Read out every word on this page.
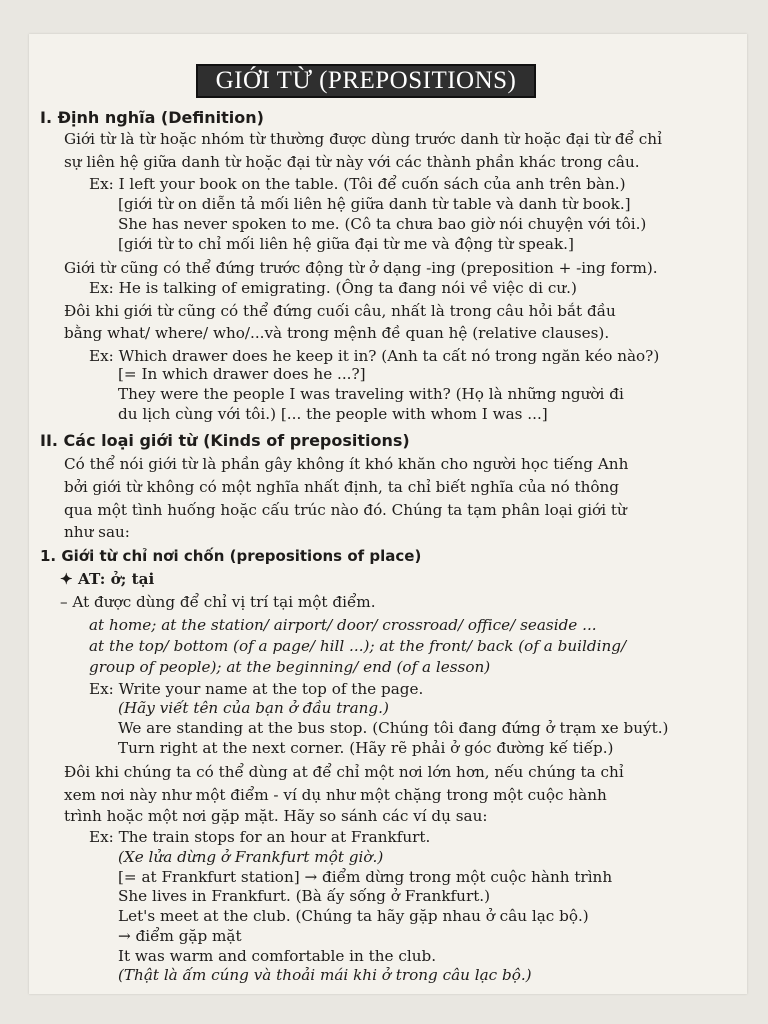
GIỚI TỪ (PREPOSITIONS)
I. Định nghĩa (Definition)
Giới từ là từ hoặc nhóm từ thường được dùng trước danh từ hoặc đại từ để chỉ
sự liên hệ giữa danh từ hoặc đại từ này với các thành phần khác trong câu.
Ex: I left your book on the table. (Tôi để cuốn sách của anh trên bàn.)
[giới từ on diễn tả mối liên hệ giữa danh từ table và danh từ book.]
She has never spoken to me. (Cô ta chưa bao giờ nói chuyện với tôi.)
[giới từ to chỉ mối liên hệ giữa đại từ me và động từ speak.]
Giới từ cũng có thể đứng trước động từ ở dạng -ing (preposition + -ing form).
Ex: He is talking of emigrating. (Ông ta đang nói về việc di cư.)
Đôi khi giới từ cũng có thể đứng cuối câu, nhất là trong câu hỏi bắt đầu
bằng what/ where/ who/...và trong mệnh đề quan hệ (relative clauses).
Ex: Which drawer does he keep it in? (Anh ta cất nó trong ngăn kéo nào?)
[= In which drawer does he ...?]
They were the people I was traveling with? (Họ là những người đi
du lịch cùng với tôi.) [... the people with whom I was ...]
II. Các loại giới từ (Kinds of prepositions)
Có thể nói giới từ là phần gây không ít khó khăn cho người học tiếng Anh
bởi giới từ không có một nghĩa nhất định, ta chỉ biết nghĩa của nó thông
qua một tình huống hoặc cấu trúc nào đó. Chúng ta tạm phân loại giới từ
như sau:
1. Giới từ chỉ nơi chốn (prepositions of place)
✦ AT: ở; tại
– At được dùng để chỉ vị trí tại một điểm.
at home; at the station/ airport/ door/ crossroad/ office/ seaside ...
at the top/ bottom (of a page/ hill ...); at the front/ back (of a building/
group of people); at the beginning/ end (of a lesson)
Ex: Write your name at the top of the page.
(Hãy viết tên của bạn ở đầu trang.)
We are standing at the bus stop. (Chúng tôi đang đứng ở trạm xe buýt.)
Turn right at the next corner. (Hãy rẽ phải ở góc đường kế tiếp.)
Đôi khi chúng ta có thể dùng at để chỉ một nơi lớn hơn, nếu chúng ta chỉ
xem nơi này như một điểm - ví dụ như một chặng trong một cuộc hành
trình hoặc một nơi gặp mặt. Hãy so sánh các ví dụ sau:
Ex: The train stops for an hour at Frankfurt.
(Xe lửa dừng ở Frankfurt một giờ.)
[= at Frankfurt station] → điểm dừng trong một cuộc hành trình
She lives in Frankfurt. (Bà ấy sống ở Frankfurt.)
Let's meet at the club. (Chúng ta hãy gặp nhau ở câu lạc bộ.)
→ điểm gặp mặt
It was warm and comfortable in the club.
(Thật là ấm cúng và thoải mái khi ở trong câu lạc bộ.)
